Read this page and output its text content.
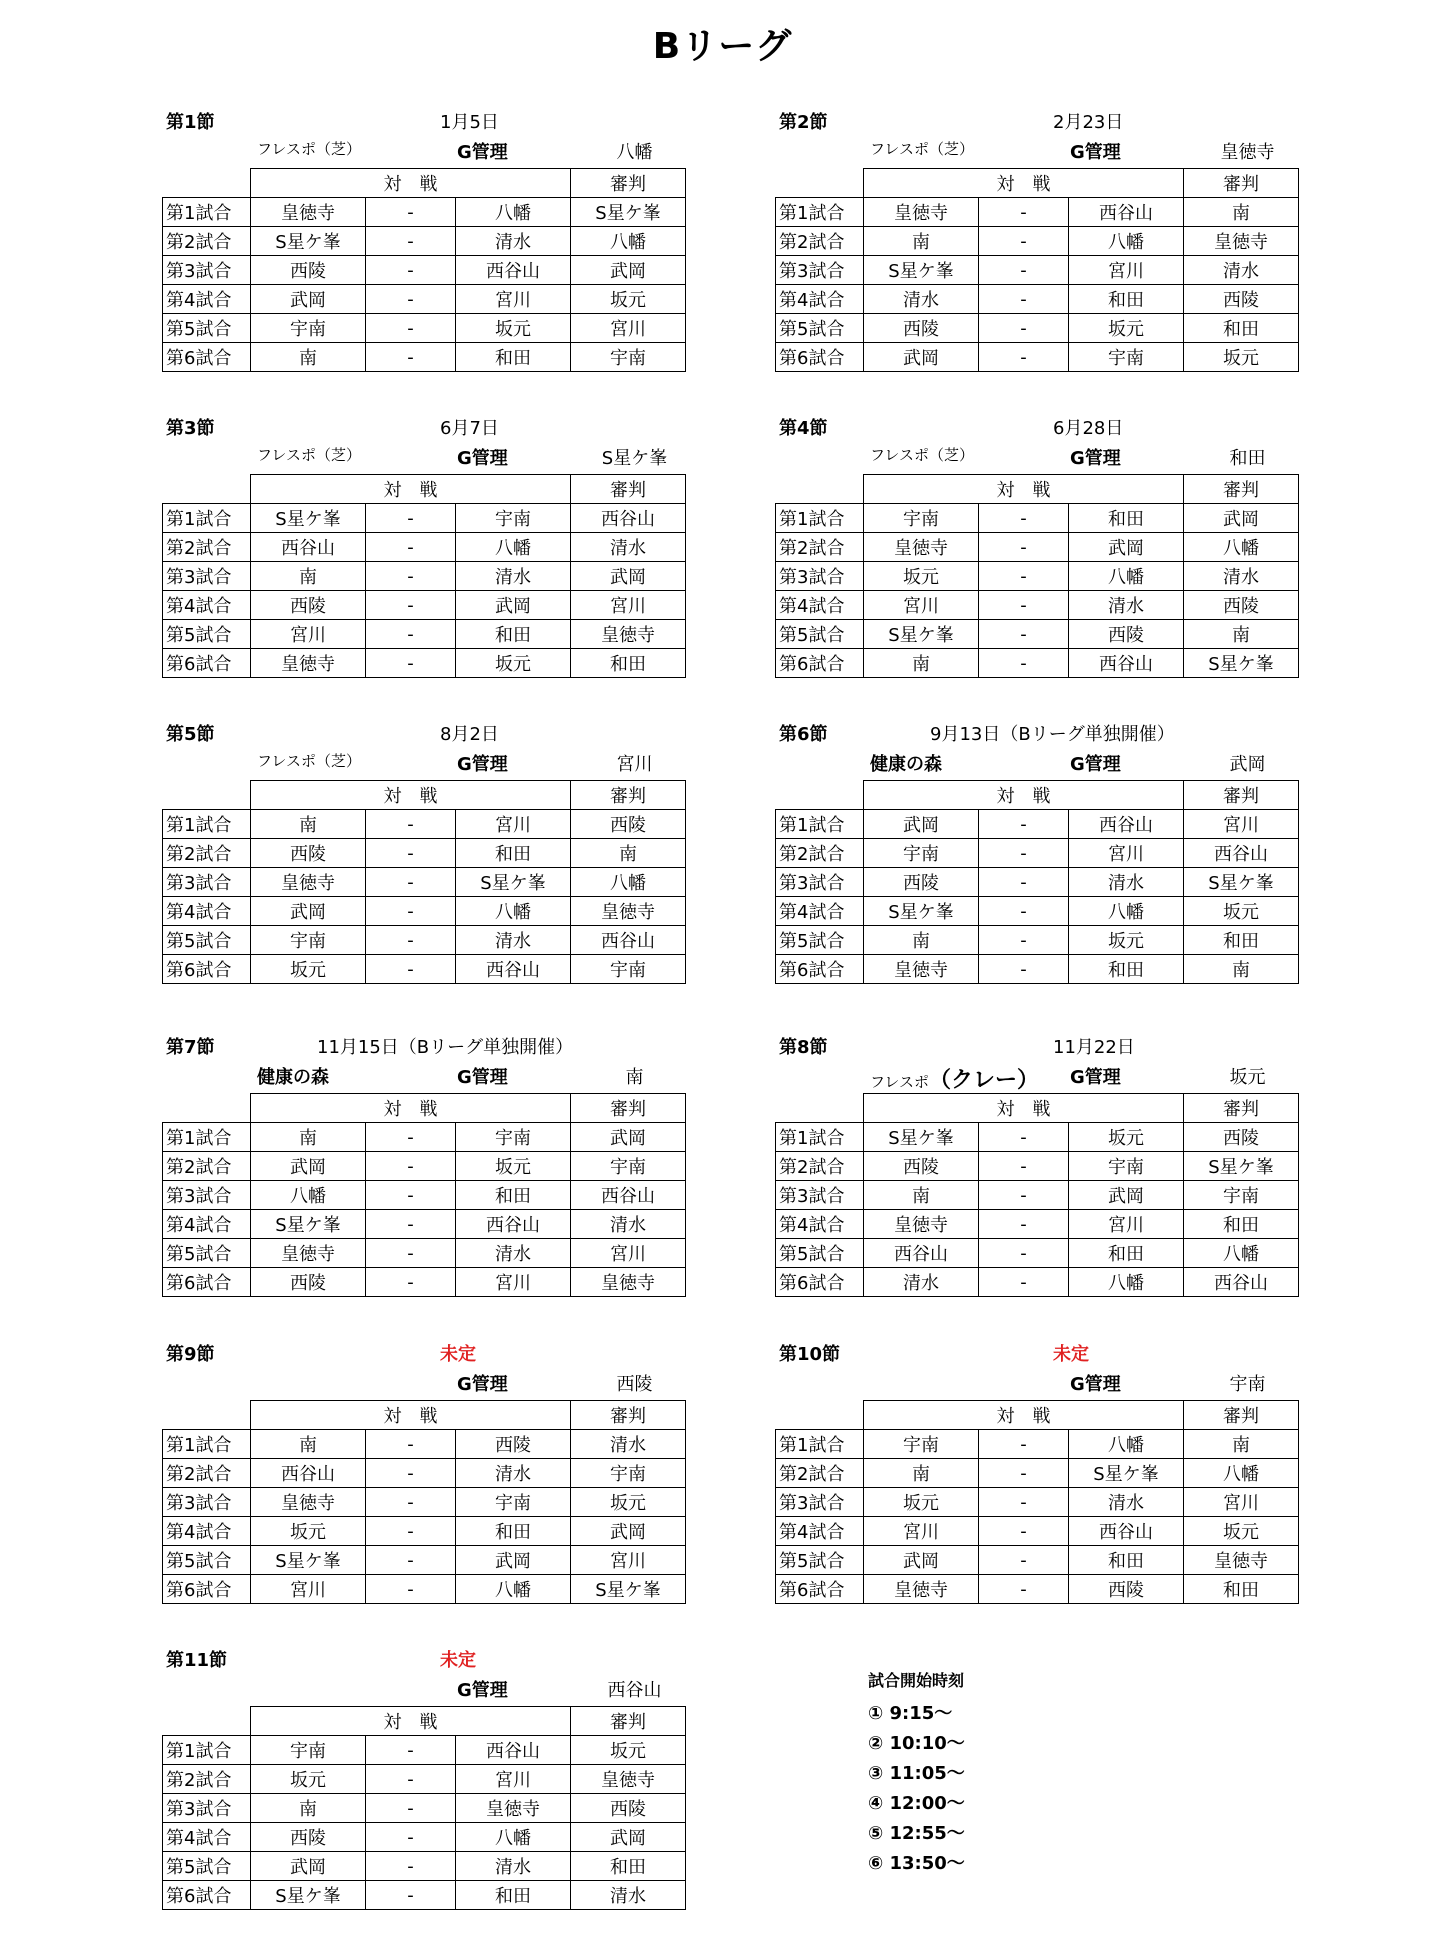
Bリーグ
第1節	1月5日
フレスポ（芝）	G管理	八幡
	対　戦			審判
第1試合	皇徳寺	-	八幡	S星ケ峯
第2試合	S星ケ峯	-	清水	八幡
第3試合	西陵	-	西谷山	武岡
第4試合	武岡	-	宮川	坂元
第5試合	宇南	-	坂元	宮川
第6試合	南	-	和田	宇南
第2節	2月23日
フレスポ（芝）	G管理	皇徳寺
	対　戦			審判
第1試合	皇徳寺	-	西谷山	南
第2試合	南	-	八幡	皇徳寺
第3試合	S星ケ峯	-	宮川	清水
第4試合	清水	-	和田	西陵
第5試合	西陵	-	坂元	和田
第6試合	武岡	-	宇南	坂元
第3節	6月7日
フレスポ（芝）	G管理	S星ケ峯
	対　戦			審判
第1試合	S星ケ峯	-	宇南	西谷山
第2試合	西谷山	-	八幡	清水
第3試合	南	-	清水	武岡
第4試合	西陵	-	武岡	宮川
第5試合	宮川	-	和田	皇徳寺
第6試合	皇徳寺	-	坂元	和田
第4節	6月28日
フレスポ（芝）	G管理	和田
	対　戦			審判
第1試合	宇南	-	和田	武岡
第2試合	皇徳寺	-	武岡	八幡
第3試合	坂元	-	八幡	清水
第4試合	宮川	-	清水	西陵
第5試合	S星ケ峯	-	西陵	南
第6試合	南	-	西谷山	S星ケ峯
第5節	8月2日
フレスポ（芝）	G管理	宮川
	対　戦			審判
第1試合	南	-	宮川	西陵
第2試合	西陵	-	和田	南
第3試合	皇徳寺	-	S星ケ峯	八幡
第4試合	武岡	-	八幡	皇徳寺
第5試合	宇南	-	清水	西谷山
第6試合	坂元	-	西谷山	宇南
第6節	9月13日（Bリーグ単独開催）
健康の森	G管理	武岡
	対　戦			審判
第1試合	武岡	-	西谷山	宮川
第2試合	宇南	-	宮川	西谷山
第3試合	西陵	-	清水	S星ケ峯
第4試合	S星ケ峯	-	八幡	坂元
第5試合	南	-	坂元	和田
第6試合	皇徳寺	-	和田	南
第7節	11月15日（Bリーグ単独開催）
健康の森	G管理	南
	対　戦			審判
第1試合	南	-	宇南	武岡
第2試合	武岡	-	坂元	宇南
第3試合	八幡	-	和田	西谷山
第4試合	S星ケ峯	-	西谷山	清水
第5試合	皇徳寺	-	清水	宮川
第6試合	西陵	-	宮川	皇徳寺
第8節	11月22日
フレスポ（クレー） G管理	坂元
	対　戦			審判
第1試合	S星ケ峯	-	坂元	西陵
第2試合	西陵	-	宇南	S星ケ峯
第3試合	南	-	武岡	宇南
第4試合	皇徳寺	-	宮川	和田
第5試合	西谷山	-	和田	八幡
第6試合	清水	-	八幡	西谷山
第9節	未定
G管理	西陵
	対　戦			審判
第1試合	南	-	西陵	清水
第2試合	西谷山	-	清水	宇南
第3試合	皇徳寺	-	宇南	坂元
第4試合	坂元	-	和田	武岡
第5試合	S星ケ峯	-	武岡	宮川
第6試合	宮川	-	八幡	S星ケ峯
第10節	未定
G管理	宇南
	対　戦			審判
第1試合	宇南	-	八幡	南
第2試合	南	-	S星ケ峯	八幡
第3試合	坂元	-	清水	宮川
第4試合	宮川	-	西谷山	坂元
第5試合	武岡	-	和田	皇徳寺
第6試合	皇徳寺	-	西陵	和田
第11節	未定
G管理	西谷山
	対　戦			審判
第1試合	宇南	-	西谷山	坂元
第2試合	坂元	-	宮川	皇徳寺
第3試合	南	-	皇徳寺	西陵
第4試合	西陵	-	八幡	武岡
第5試合	武岡	-	清水	和田
第6試合	S星ケ峯	-	和田	清水
試合開始時刻
① 9:15～
② 10:10～
③ 11:05～
④ 12:00～
⑤ 12:55～
⑥ 13:50～
